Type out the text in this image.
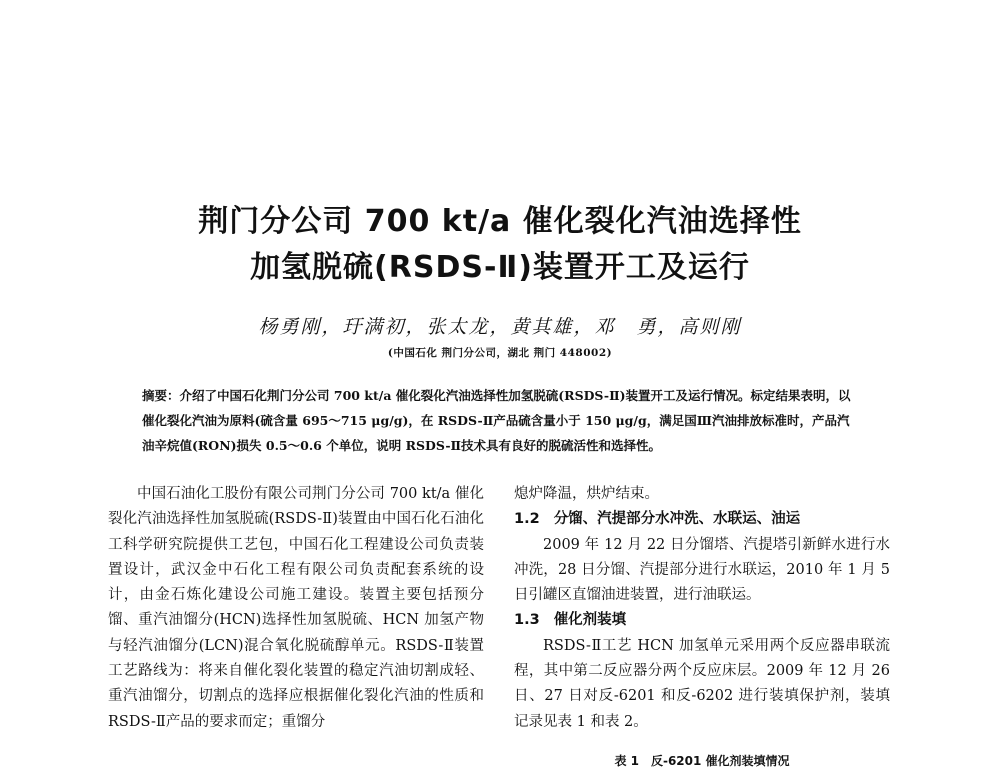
荆门分公司 700 kt/a 催化裂化汽油选择性
加氢脱硫(RSDS-Ⅱ)装置开工及运行
杨勇刚，玗满初，张太龙，黄其雄，邓　勇，高则刚
(中国石化 荆门分公司，湖北 荆门 448002)
摘要：介绍了中国石化荆门分公司 700 kt/a 催化裂化汽油选择性加氢脱硫(RSDS-Ⅱ)装置开工及运行情况。标定结果表明，以催化裂化汽油为原料(硫含量 695～715 μg/g)，在 RSDS-Ⅱ产品硫含量小于 150 μg/g，满足国Ⅲ汽油排放标准时，产品汽油辛烷值(RON)损失 0.5～0.6 个单位，说明 RSDS-Ⅱ技术具有良好的脱硫活性和选择性。

中国石油化工股份有限公司荆门分公司 700 kt/a 催化裂化汽油选择性加氢脱硫(RSDS-Ⅱ)装置由中国石化石油化工科学研究院提供工艺包，中国石化工程建设公司负责装置设计，武汉金中石化工程有限公司负责配套系统的设计，由金石炼化建设公司施工建设。装置主要包括预分馏、重汽油馏分(HCN)选择性加氢脱硫、HCN 加氢产物与轻汽油馏分(LCN)混合氧化脱硫醇单元。RSDS-Ⅱ装置工艺路线为：将来自催化裂化装置的稳定汽油切割成轻、重汽油馏分，切割点的选择应根据催化裂化汽油的性质和 RSDS-Ⅱ产品的要求而定；重馏分

熄炉降温，烘炉结束。

1.2 分馏、汽提部分水冲洗、水联运、油运

2009 年 12 月 22 日分馏塔、汽提塔引新鲜水进行水冲洗，28 日分馏、汽提部分进行水联运，2010 年 1 月 5 日引罐区直馏油进装置，进行油联运。

1.3 催化剂装填

RSDS-Ⅱ工艺 HCN 加氢单元采用两个反应器串联流程，其中第二反应器分两个反应床层。2009 年 12 月 26 日、27 日对反-6201 和反-6202 进行装填保护剂，装填记录见表 1 和表 2。

表 1　反-6201 催化剂装填情况
